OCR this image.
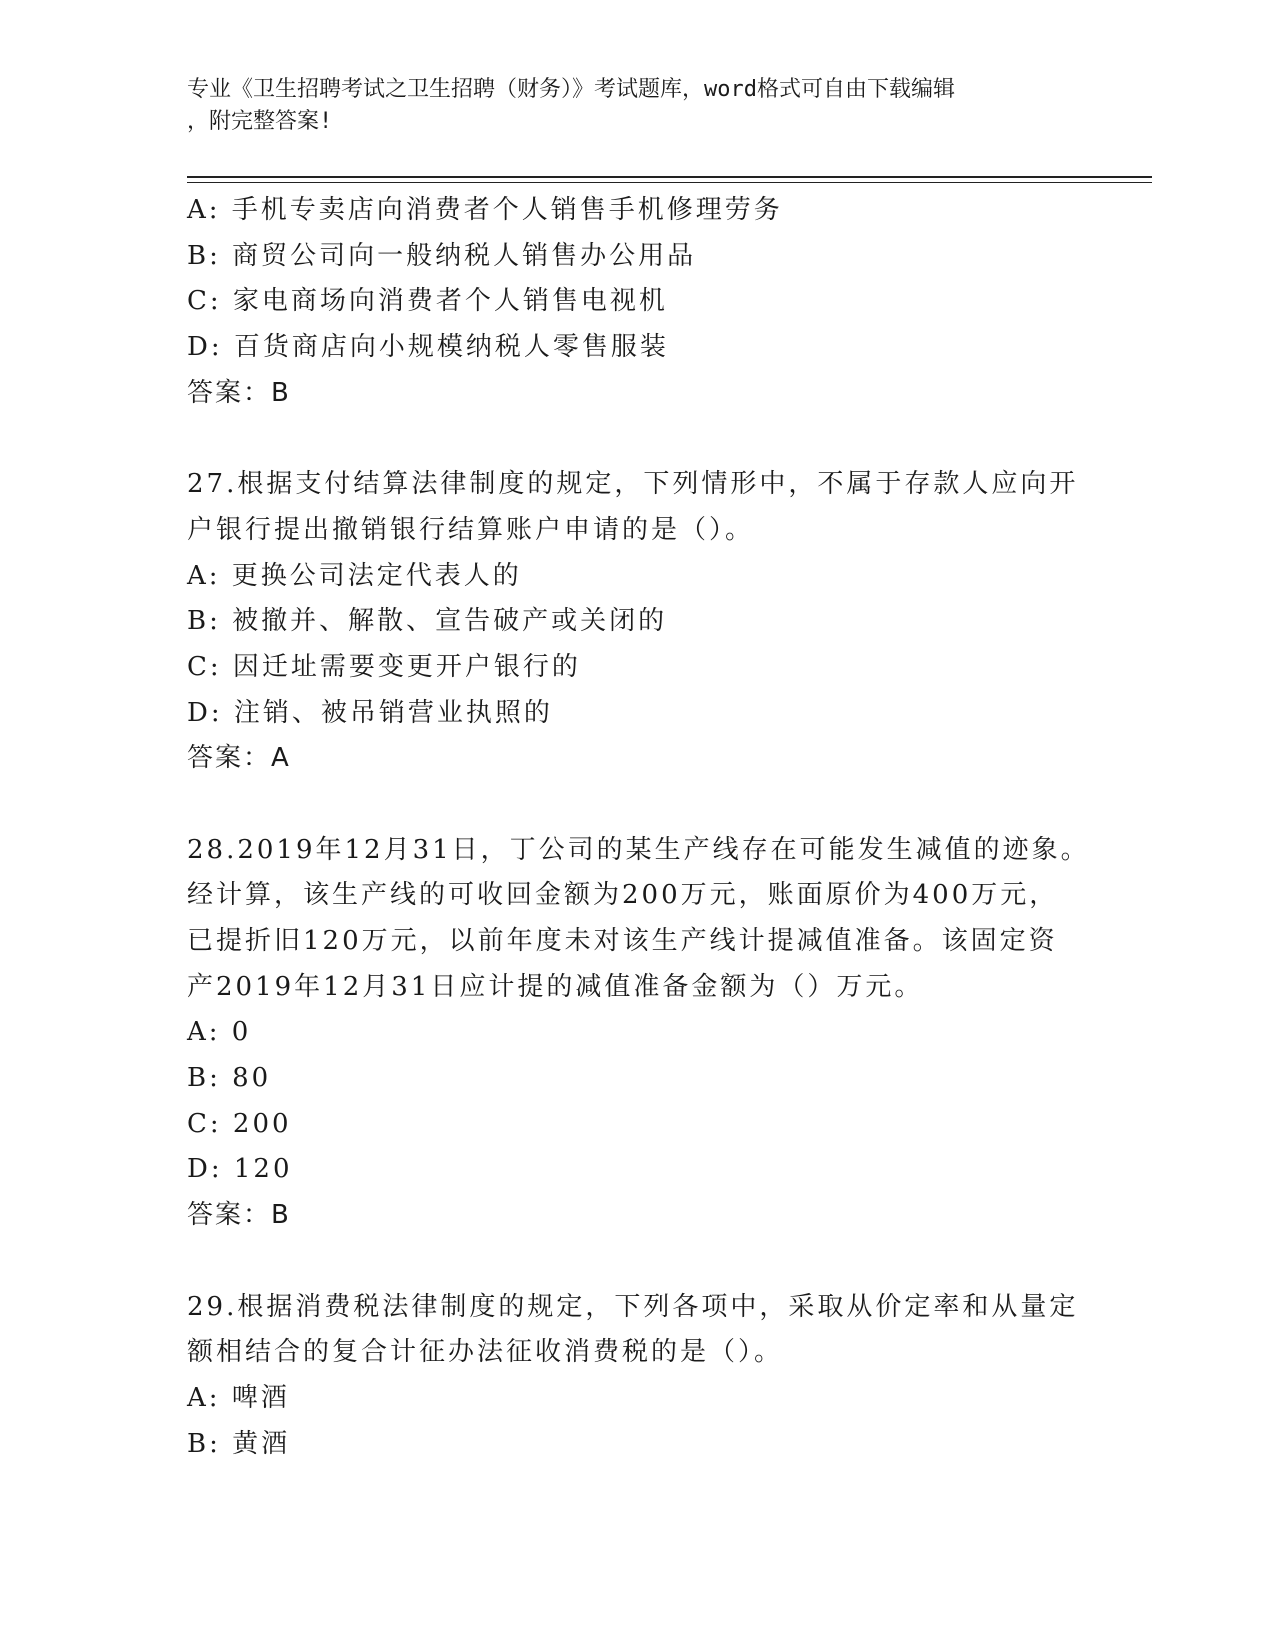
专业《卫生招聘考试之卫生招聘（财务）》考试题库，word格式可自由下载编辑
，附完整答案!
A: 手机专卖店向消费者个人销售手机修理劳务
B: 商贸公司向一般纳税人销售办公用品
C: 家电商场向消费者个人销售电视机
D: 百货商店向小规模纳税人零售服装
答案：B
27.根据支付结算法律制度的规定，下列情形中，不属于存款人应向开
户银行提出撤销银行结算账户申请的是（）。
A: 更换公司法定代表人的
B: 被撤并、解散、宣告破产或关闭的
C: 因迁址需要变更开户银行的
D: 注销、被吊销营业执照的
答案：A
28.2019年12月31日，丁公司的某生产线存在可能发生减值的迹象。
经计算，该生产线的可收回金额为200万元，账面原价为400万元，
已提折旧120万元，以前年度未对该生产线计提减值准备。该固定资
产2019年12月31日应计提的减值准备金额为（）万元。
A: 0
B: 80
C: 200
D: 120
答案：B
29.根据消费税法律制度的规定，下列各项中，采取从价定率和从量定
额相结合的复合计征办法征收消费税的是（）。
A: 啤酒
B: 黄酒
